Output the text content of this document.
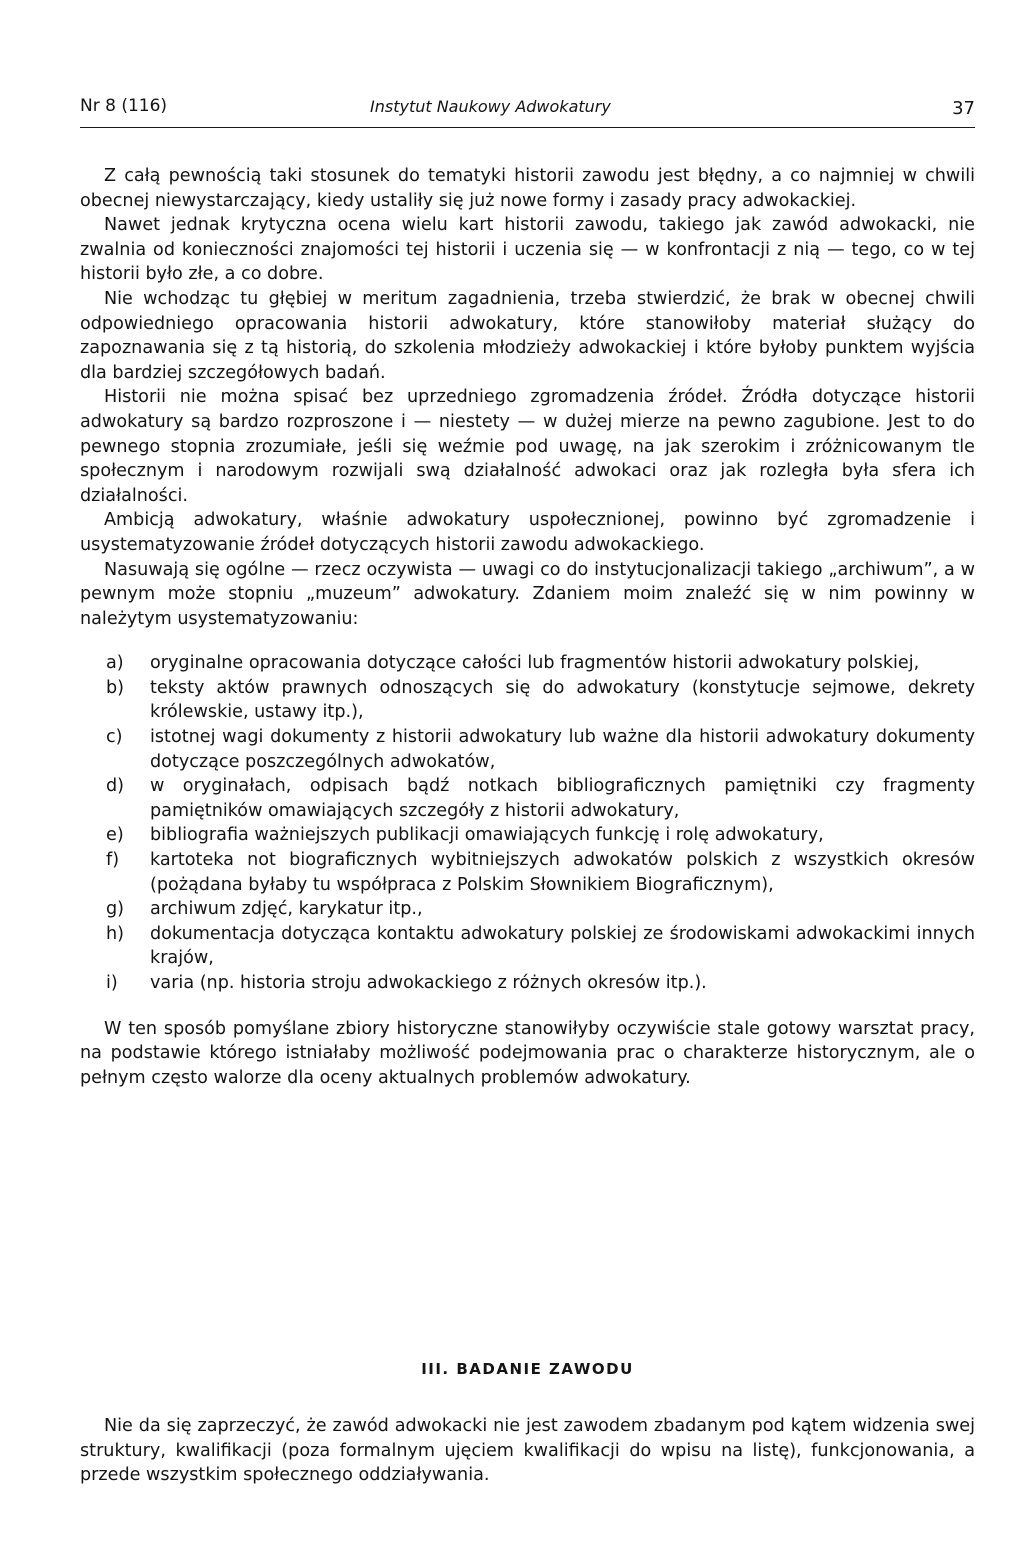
Nr 8 (116)	Instytut Naukowy Adwokatury	37

Z całą pewnością taki stosunek do tematyki historii zawodu jest błędny, a co najmniej w chwili obecnej niewystarczający, kiedy ustaliły się już nowe formy i zasady pracy adwokackiej.

Nawet jednak krytyczna ocena wielu kart historii zawodu, takiego jak zawód adwokacki, nie zwalnia od konieczności znajomości tej historii i uczenia się — w konfrontacji z nią — tego, co w tej historii było złe, a co dobre.

Nie wchodząc tu głębiej w meritum zagadnienia, trzeba stwierdzić, że brak w obecnej chwili odpowiedniego opracowania historii adwokatury, które stanowiłoby materiał służący do zapoznawania się z tą historią, do szkolenia młodzieży adwokackiej i które byłoby punktem wyjścia dla bardziej szczegółowych badań.

Historii nie można spisać bez uprzedniego zgromadzenia źródeł. Źródła dotyczące historii adwokatury są bardzo rozproszone i — niestety — w dużej mierze na pewno zagubione. Jest to do pewnego stopnia zrozumiałe, jeśli się weźmie pod uwagę, na jak szerokim i zróżnicowanym tle społecznym i narodowym rozwijali swą działalność adwokaci oraz jak rozległa była sfera ich działalności.

Ambicją adwokatury, właśnie adwokatury uspołecznionej, powinno być zgromadzenie i usystematyzowanie źródeł dotyczących historii zawodu adwokackiego.

Nasuwają się ogólne — rzecz oczywista — uwagi co do instytucjonalizacji takiego „archiwum”, a w pewnym może stopniu „muzeum” adwokatury. Zdaniem moim znaleźć się w nim powinny w należytym usystematyzowaniu:

a) oryginalne opracowania dotyczące całości lub fragmentów historii adwokatury polskiej,
b) teksty aktów prawnych odnoszących się do adwokatury (konstytucje sejmowe, dekrety królewskie, ustawy itp.),
c) istotnej wagi dokumenty z historii adwokatury lub ważne dla historii adwokatury dokumenty dotyczące poszczególnych adwokatów,
d) w oryginałach, odpisach bądź notkach bibliograficznych pamiętniki czy fragmenty pamiętników omawiających szczegóły z historii adwokatury,
e) bibliografia ważniejszych publikacji omawiających funkcję i rolę adwokatury,
f) kartoteka not biograficznych wybitniejszych adwokatów polskich z wszystkich okresów (pożądana byłaby tu współpraca z Polskim Słownikiem Biograficznym),
g) archiwum zdjęć, karykatur itp.,
h) dokumentacja dotycząca kontaktu adwokatury polskiej ze środowiskami adwokackimi innych krajów,
i) varia (np. historia stroju adwokackiego z różnych okresów itp.).

W ten sposób pomyślane zbiory historyczne stanowiłyby oczywiście stale gotowy warsztat pracy, na podstawie którego istniałaby możliwość podejmowania prac o charakterze historycznym, ale o pełnym często walorze dla oceny aktualnych problemów adwokatury.

III. BADANIE ZAWODU

Nie da się zaprzeczyć, że zawód adwokacki nie jest zawodem zbadanym pod kątem widzenia swej struktury, kwalifikacji (poza formalnym ujęciem kwalifikacji do wpisu na listę), funkcjonowania, a przede wszystkim społecznego oddziaływania.
